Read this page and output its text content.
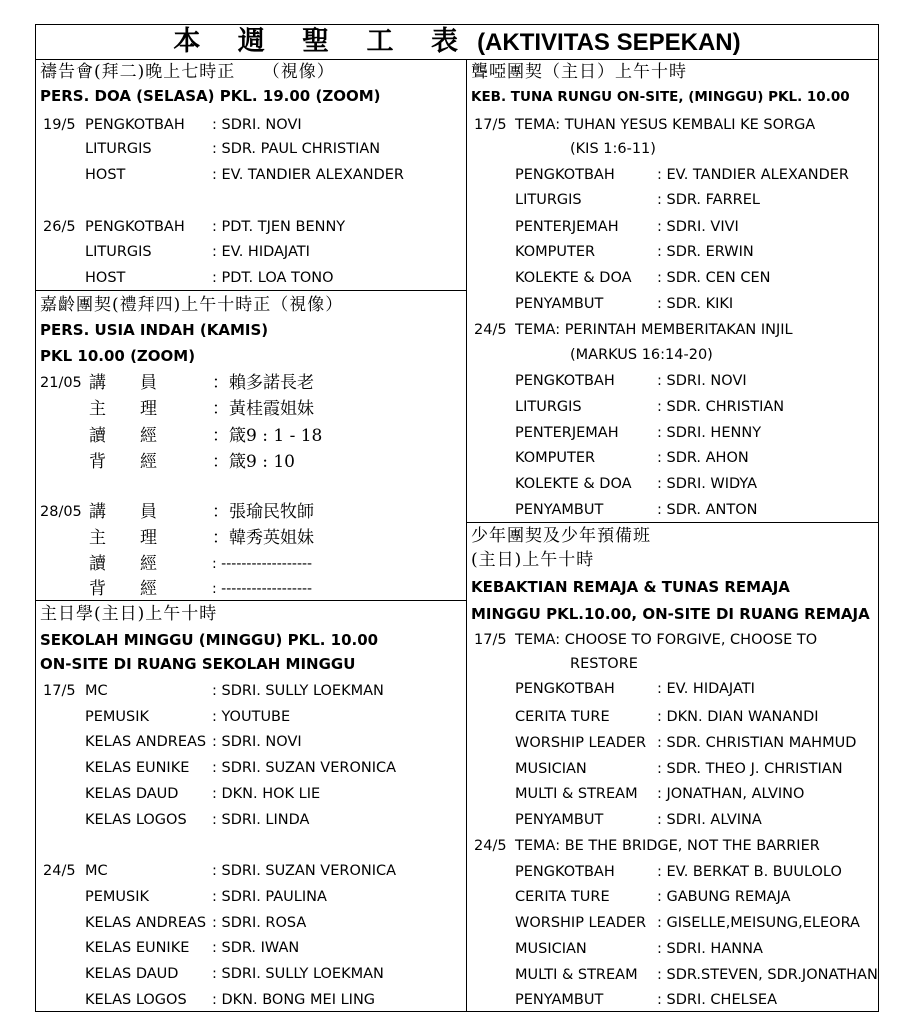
本 週 聖 工 表 (AKTIVITAS SEPEKAN)
禱告會(拜二)晚上七時正　　（視像）
PERS. DOA (SELASA) PKL. 19.00 (ZOOM)
19/5 PENGKOTBAH : SDRI. NOVI
LITURGIS	: SDR. PAUL CHRISTIAN
HOST	: EV. TANDIER ALEXANDER
26/5 PENGKOTBAH : PDT. TJEN BENNY
LITURGIS	: EV. HIDAJATI
HOST	: PDT. LOA TONO
嘉齡團契(禮拜四)上午十時正（視像）
PERS. USIA INDAH (KAMIS)
PKL 10.00 (ZOOM)
21/05 講　　員	：賴多諾長老
主　　理	：黃桂霞姐妹
讀　　經	：箴9 : 1 - 18
背　　經	：箴9 : 10
28/05 講　　員	：張瑜民牧師
主　　理	：韓秀英姐妹
讀　　經	: ------------------
背　　經	: ------------------
主日學(主日)上午十時
SEKOLAH MINGGU (MINGGU) PKL. 10.00
ON-SITE DI RUANG SEKOLAH MINGGU
17/5 MC	: SDRI. SULLY LOEKMAN
PEMUSIK	: YOUTUBE
KELAS ANDREAS : SDRI. NOVI
KELAS EUNIKE : SDRI. SUZAN VERONICA
KELAS DAUD : DKN. HOK LIE
KELAS LOGOS : SDRI. LINDA
24/5 MC	: SDRI. SUZAN VERONICA
PEMUSIK	: SDRI. PAULINA
KELAS ANDREAS : SDRI. ROSA
KELAS EUNIKE : SDR. IWAN
KELAS DAUD : SDRI. SULLY LOEKMAN
KELAS LOGOS : DKN. BONG MEI LING
聾啞團契（主日）上午十時
KEB. TUNA RUNGU ON-SITE, (MINGGU) PKL. 10.00
17/5 TEMA: TUHAN YESUS KEMBALI KE SORGA
(KIS 1:6-11)
PENGKOTBAH	: EV. TANDIER ALEXANDER
LITURGIS	: SDR. FARREL
PENTERJEMAH	: SDRI. VIVI
KOMPUTER	: SDR. ERWIN
KOLEKTE & DOA : SDR. CEN CEN
PENYAMBUT	: SDR. KIKI
24/5 TEMA: PERINTAH MEMBERITAKAN INJIL
(MARKUS 16:14-20)
PENGKOTBAH	: SDRI. NOVI
LITURGIS	: SDR. CHRISTIAN
PENTERJEMAH	: SDRI. HENNY
KOMPUTER	: SDR. AHON
KOLEKTE & DOA : SDRI. WIDYA
PENYAMBUT	: SDR. ANTON
少年團契及少年預備班
(主日)上午十時
KEBAKTIAN REMAJA & TUNAS REMAJA
MINGGU PKL.10.00, ON-SITE DI RUANG REMAJA
17/5 TEMA: CHOOSE TO FORGIVE, CHOOSE TO
RESTORE
PENGKOTBAH	: EV. HIDAJATI
CERITA TURE	: DKN. DIAN WANANDI
WORSHIP LEADER : SDR. CHRISTIAN MAHMUD
MUSICIAN	: SDR. THEO J. CHRISTIAN
MULTI & STREAM : JONATHAN, ALVINO
PENYAMBUT	: SDRI. ALVINA
24/5 TEMA: BE THE BRIDGE, NOT THE BARRIER
PENGKOTBAH	: EV. BERKAT B. BUULOLO
CERITA TURE	: GABUNG REMAJA
WORSHIP LEADER : GISELLE,MEISUNG,ELEORA
MUSICIAN	: SDRI. HANNA
MULTI & STREAM : SDR.STEVEN, SDR.JONATHAN
PENYAMBUT	: SDRI. CHELSEA
